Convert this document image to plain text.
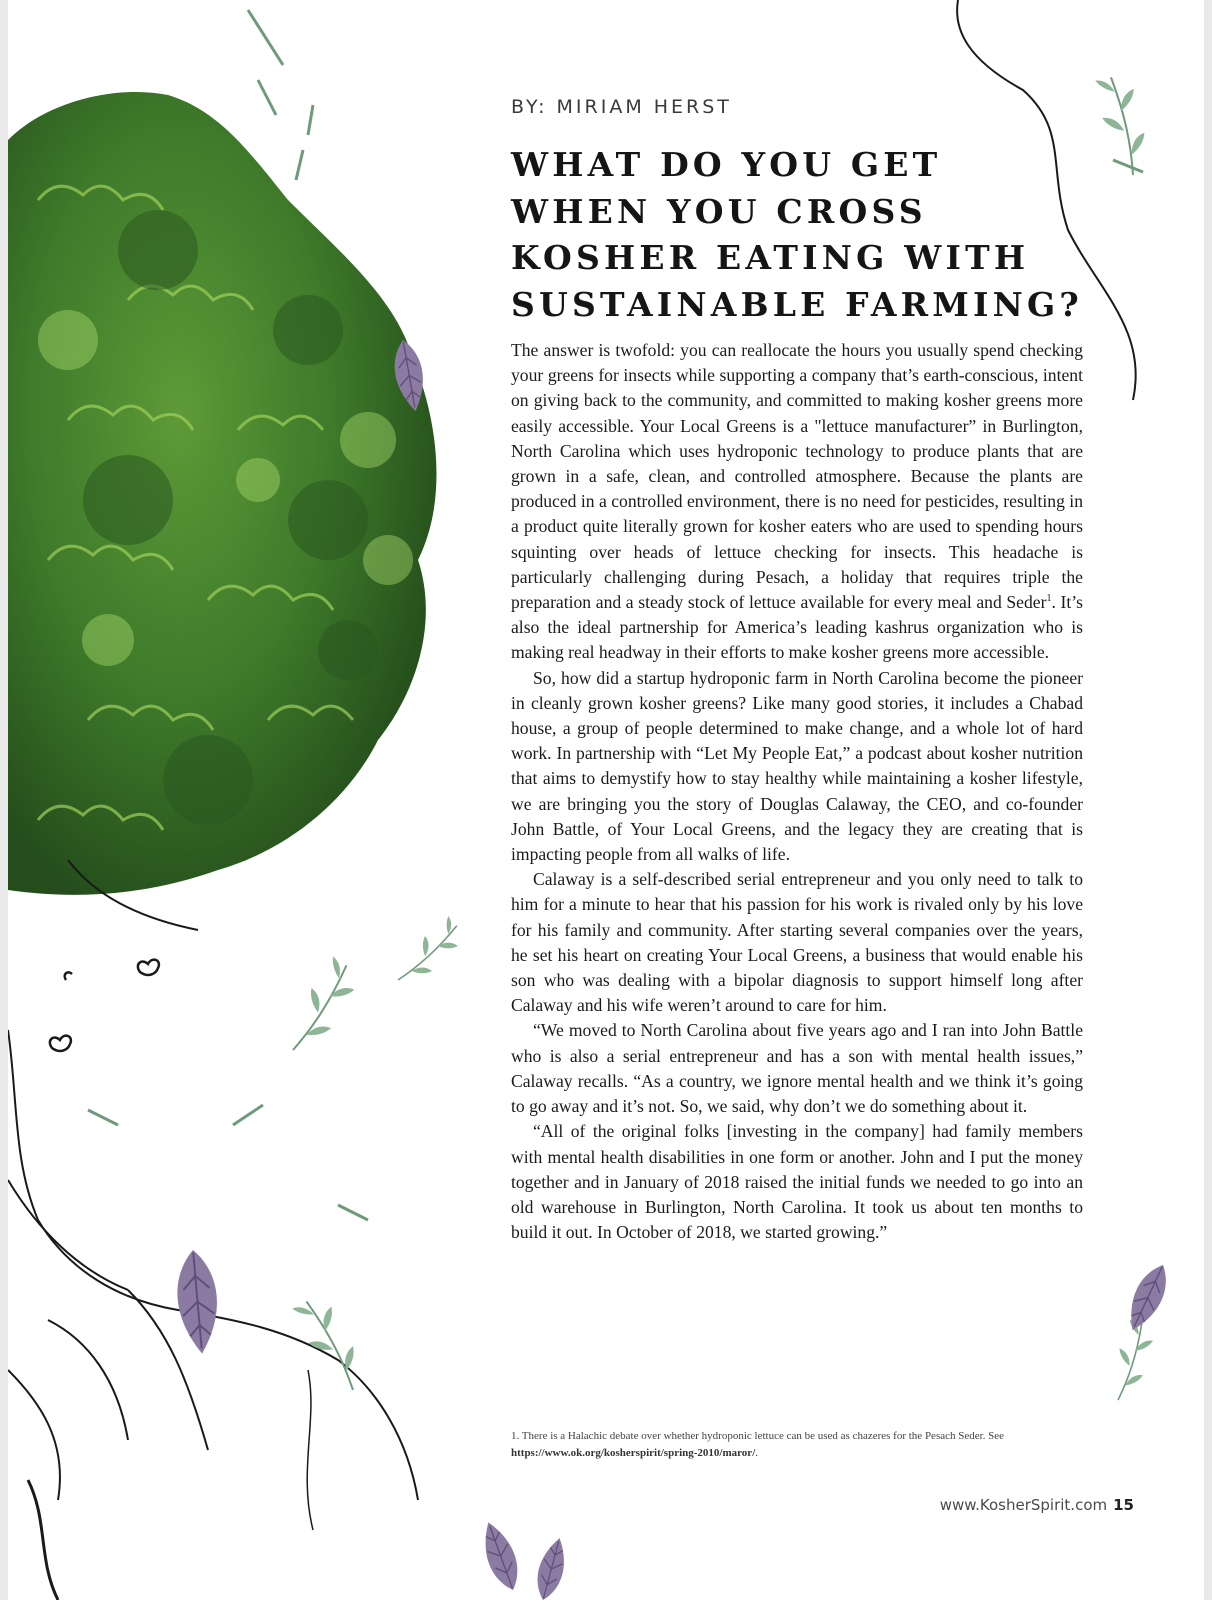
BY: MIRIAM HERST

WHAT DO YOU GET WHEN YOU CROSS KOSHER EATING WITH SUSTAINABLE FARMING?

The answer is twofold: you can reallocate the hours you usually spend checking your greens for insects while supporting a company that’s earth-conscious, intent on giving back to the community, and committed to making kosher greens more easily accessible. Your Local Greens is a "lettuce manufacturer” in Burlington, North Carolina which uses hydroponic technology to produce plants that are grown in a safe, clean, and controlled atmosphere. Because the plants are produced in a controlled environment, there is no need for pesticides, resulting in a product quite literally grown for kosher eaters who are used to spending hours squinting over heads of lettuce checking for insects. This headache is particularly challenging during Pesach, a holiday that requires triple the preparation and a steady stock of lettuce available for every meal and Seder$^1$. It’s also the ideal partnership for America’s leading kashrus organization who is making real headway in their efforts to make kosher greens more accessible.

So, how did a startup hydroponic farm in North Carolina become the pioneer in cleanly grown kosher greens? Like many good stories, it includes a Chabad house, a group of people determined to make change, and a whole lot of hard work. In partnership with “Let My People Eat,” a podcast about kosher nutrition that aims to demystify how to stay healthy while maintaining a kosher lifestyle, we are bringing you the story of Douglas Calaway, the CEO, and co-founder John Battle, of Your Local Greens, and the legacy they are creating that is impacting people from all walks of life.

Calaway is a self-described serial entrepreneur and you only need to talk to him for a minute to hear that his passion for his work is rivaled only by his love for his family and community. After starting several companies over the years, he set his heart on creating Your Local Greens, a business that would enable his son who was dealing with a bipolar diagnosis to support himself long after Calaway and his wife weren’t around to care for him.

“We moved to North Carolina about five years ago and I ran into John Battle who is also a serial entrepreneur and has a son with mental health issues,” Calaway recalls. “As a country, we ignore mental health and we think it’s going to go away and it’s not. So, we said, why don’t we do something about it.

“All of the original folks [investing in the company] had family members with mental health disabilities in one form or another. John and I put the money together and in January of 2018 raised the initial funds we needed to go into an old warehouse in Burlington, North Carolina. It took us about ten months to build it out. In October of 2018, we started growing.”

1. There is a Halachic debate over whether hydroponic lettuce can be used as chazeres for the Pesach Seder. See https://www.ok.org/kosherspirit/spring-2010/maror/.

www.KosherSpirit.com 15
